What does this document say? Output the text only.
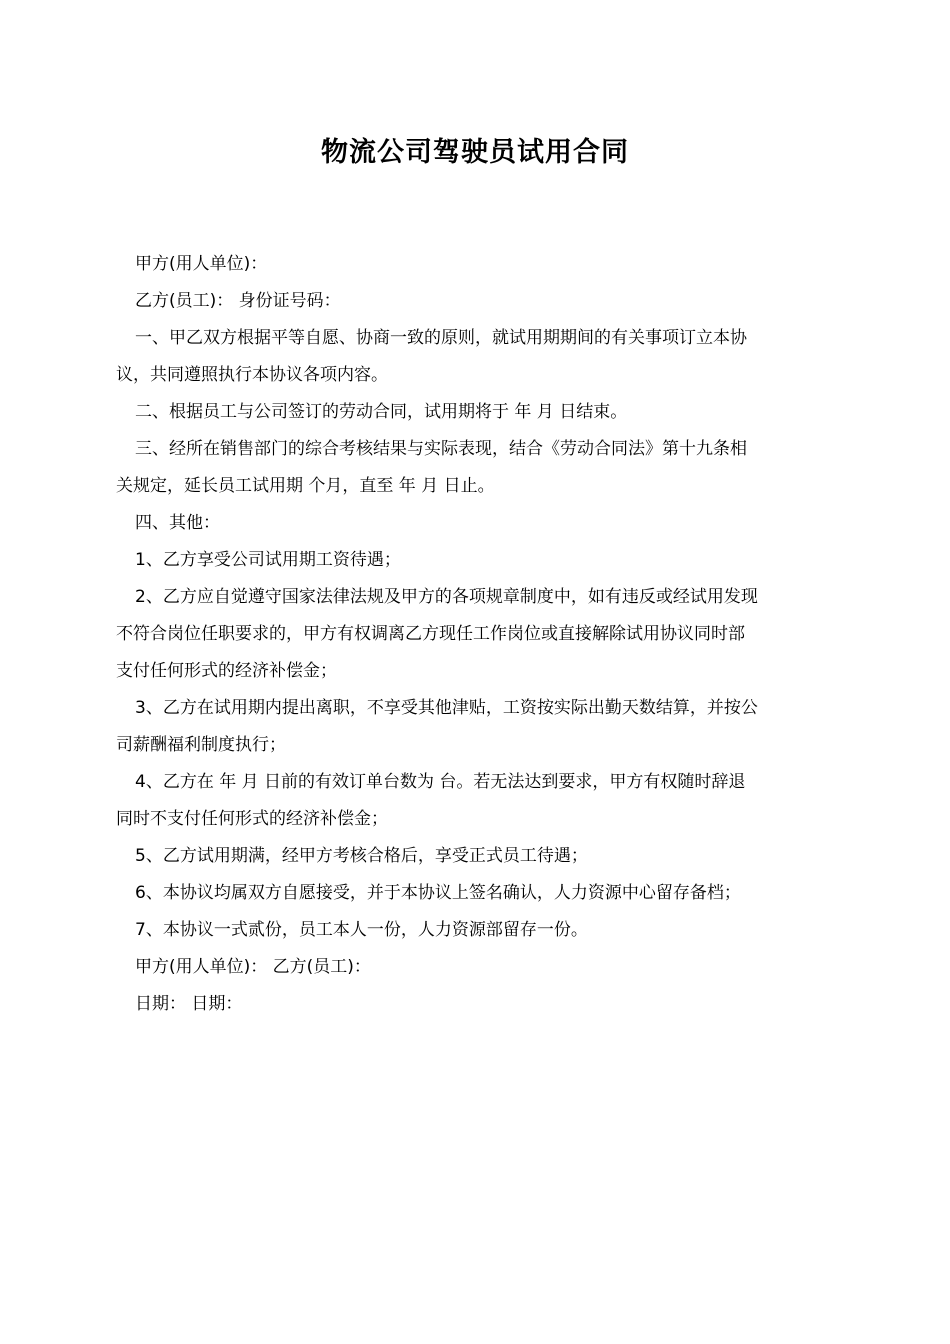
物流公司驾驶员试用合同

甲方(用人单位)：

乙方(员工)： 身份证号码：

一、甲乙双方根据平等自愿、协商一致的原则，就试用期期间的有关事项订立本协
议，共同遵照执行本协议各项内容。

二、根据员工与公司签订的劳动合同，试用期将于 年 月 日结束。

三、经所在销售部门的综合考核结果与实际表现，结合《劳动合同法》第十九条相
关规定，延长员工试用期 个月，直至 年 月 日止。

四、其他：

1、乙方享受公司试用期工资待遇；

2、乙方应自觉遵守国家法律法规及甲方的各项规章制度中，如有违反或经试用发现
不符合岗位任职要求的，甲方有权调离乙方现任工作岗位或直接解除试用协议同时部
支付任何形式的经济补偿金；
3、乙方在试用期内提出离职，不享受其他津贴，工资按实际出勤天数结算，并按公
司薪酬福利制度执行；
4、乙方在 年 月 日前的有效订单台数为 台。若无法达到要求，甲方有权随时辞退
同时不支付任何形式的经济补偿金；

5、乙方试用期满，经甲方考核合格后，享受正式员工待遇；

6、本协议均属双方自愿接受，并于本协议上签名确认，人力资源中心留存备档；

7、本协议一式贰份，员工本人一份，人力资源部留存一份。

甲方(用人单位)： 乙方(员工)：

日期： 日期：
